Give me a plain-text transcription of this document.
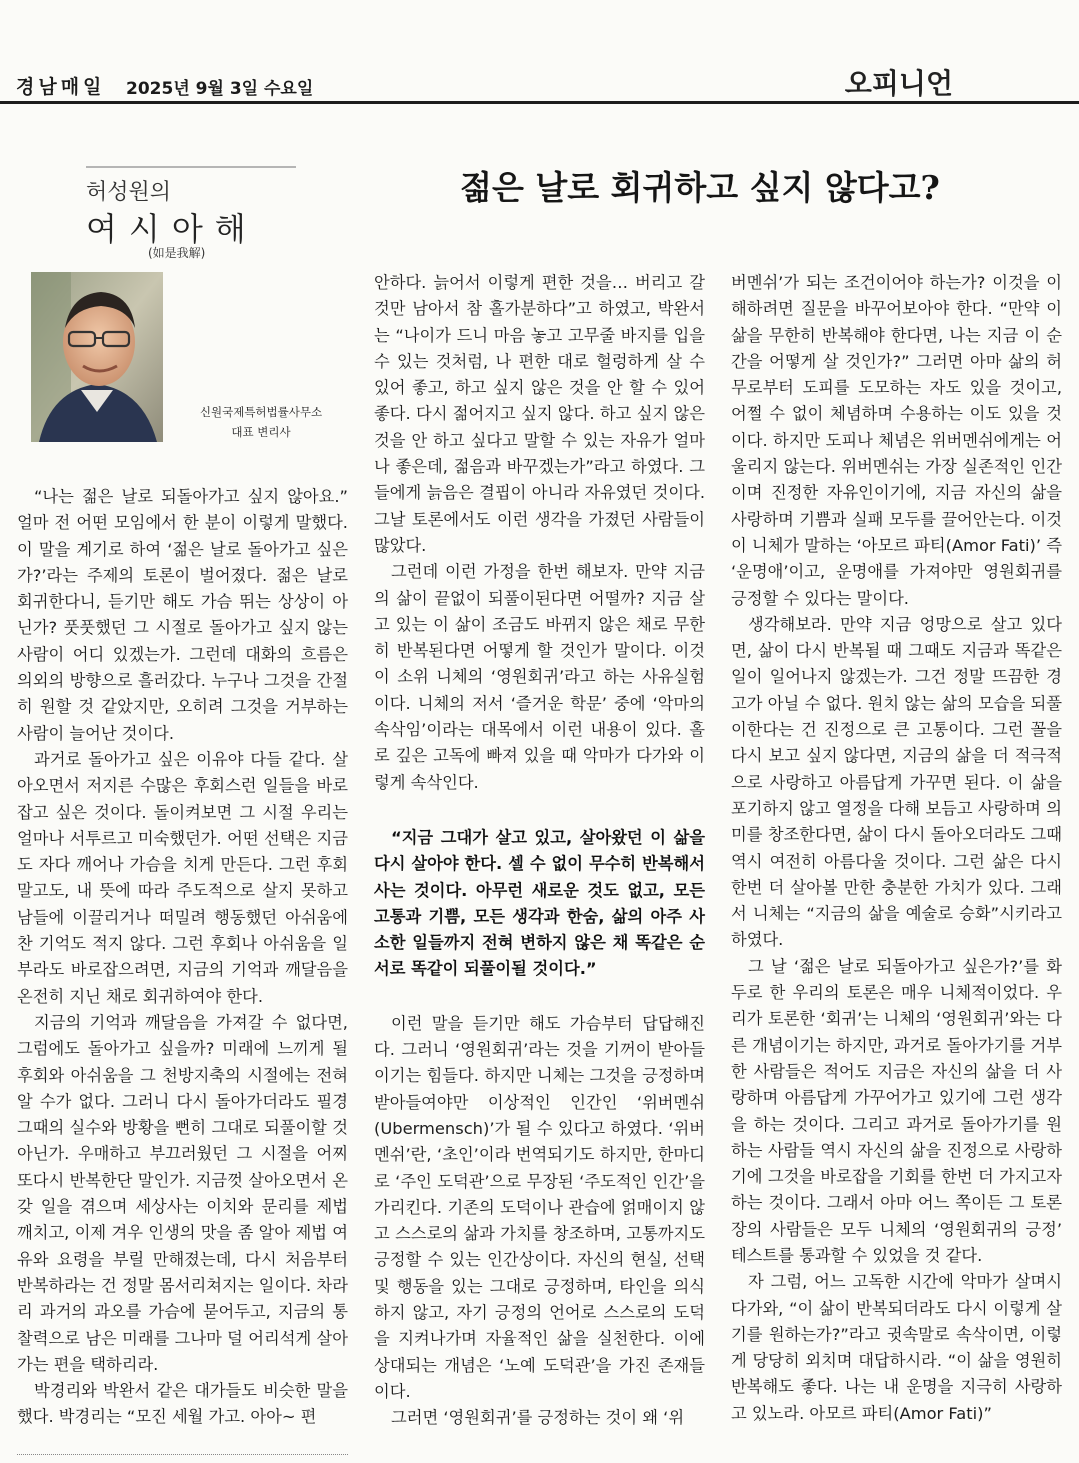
경남매일 2025년 9월 3일 수요일	오피니언
허성원의
여시아해
(如是我解)
젊은 날로 회귀하고 싶지 않다고?
신원국제특허법률사무소
대표 변리사

“나는 젊은 날로 되돌아가고 싶지 않아요.” 얼마 전 어떤 모임에서 한 분이 이렇게 말했다. 이 말을 계기로 하여 ‘젊은 날로 돌아가고 싶은가?’라는 주제의 토론이 벌어졌다. 젊은 날로 회귀한다니, 듣기만 해도 가슴 뛰는 상상이 아닌가? 풋풋했던 그 시절로 돌아가고 싶지 않는 사람이 어디 있겠는가. 그런데 대화의 흐름은 의외의 방향으로 흘러갔다. 누구나 그것을 간절히 원할 것 같았지만, 오히려 그것을 거부하는 사람이 늘어난 것이다.

과거로 돌아가고 싶은 이유야 다들 같다. 살아오면서 저지른 수많은 후회스런 일들을 바로잡고 싶은 것이다. 돌이켜보면 그 시절 우리는 얼마나 서투르고 미숙했던가. 어떤 선택은 지금도 자다 깨어나 가슴을 치게 만든다. 그런 후회 말고도, 내 뜻에 따라 주도적으로 살지 못하고 남들에 이끌리거나 떠밀려 행동했던 아쉬움에 찬 기억도 적지 않다. 그런 후회나 아쉬움을 일부라도 바로잡으려면, 지금의 기억과 깨달음을 온전히 지닌 채로 회귀하여야 한다.

지금의 기억과 깨달음을 가져갈 수 없다면, 그럼에도 돌아가고 싶을까? 미래에 느끼게 될 후회와 아쉬움을 그 천방지축의 시절에는 전혀 알 수가 없다. 그러니 다시 돌아가더라도 필경 그때의 실수와 방황을 뻔히 그대로 되풀이할 것 아닌가. 우매하고 부끄러웠던 그 시절을 어찌 또다시 반복한단 말인가. 지금껏 살아오면서 온갖 일을 겪으며 세상사는 이치와 문리를 제법 깨치고, 이제 겨우 인생의 맛을 좀 알아 제법 여유와 요령을 부릴 만해졌는데, 다시 처음부터 반복하라는 건 정말 몸서리쳐지는 일이다. 차라리 과거의 과오를 가슴에 묻어두고, 지금의 통찰력으로 남은 미래를 그나마 덜 어리석게 살아가는 편을 택하리라.

박경리와 박완서 같은 대가들도 비슷한 말을 했다. 박경리는 “모진 세월 가고. 아아~ 편

안하다. 늙어서 이렇게 편한 것을… 버리고 갈 것만 남아서 참 홀가분하다”고 하였고, 박완서는 “나이가 드니 마음 놓고 고무줄 바지를 입을 수 있는 것처럼, 나 편한 대로 헐렁하게 살 수 있어 좋고, 하고 싶지 않은 것을 안 할 수 있어 좋다. 다시 젊어지고 싶지 않다. 하고 싶지 않은 것을 안 하고 싶다고 말할 수 있는 자유가 얼마나 좋은데, 젊음과 바꾸겠는가”라고 하였다. 그들에게 늙음은 결핍이 아니라 자유였던 것이다. 그날 토론에서도 이런 생각을 가졌던 사람들이 많았다.

그런데 이런 가정을 한번 해보자. 만약 지금의 삶이 끝없이 되풀이된다면 어떨까? 지금 살고 있는 이 삶이 조금도 바뀌지 않은 채로 무한히 반복된다면 어떻게 할 것인가 말이다. 이것이 소위 니체의 ‘영원회귀’라고 하는 사유실험이다. 니체의 저서 ‘즐거운 학문’ 중에 ‘악마의 속삭임’이라는 대목에서 이런 내용이 있다. 홀로 깊은 고독에 빠져 있을 때 악마가 다가와 이렇게 속삭인다.

“지금 그대가 살고 있고, 살아왔던 이 삶을 다시 살아야 한다. 셀 수 없이 무수히 반복해서 사는 것이다. 아무런 새로운 것도 없고, 모든 고통과 기쁨, 모든 생각과 한숨, 삶의 아주 사소한 일들까지 전혀 변하지 않은 채 똑같은 순서로 똑같이 되풀이될 것이다.”

이런 말을 듣기만 해도 가슴부터 답답해진다. 그러니 ‘영원회귀’라는 것을 기꺼이 받아들이기는 힘들다. 하지만 니체는 그것을 긍정하며 받아들여야만 이상적인 인간인 ‘위버멘쉬(Ubermensch)’가 될 수 있다고 하였다. ‘위버멘쉬’란, ‘초인’이라 번역되기도 하지만, 한마디로 ‘주인 도덕관’으로 무장된 ‘주도적인 인간’을 가리킨다. 기존의 도덕이나 관습에 얽매이지 않고 스스로의 삶과 가치를 창조하며, 고통까지도 긍정할 수 있는 인간상이다. 자신의 현실, 선택 및 행동을 있는 그대로 긍정하며, 타인을 의식하지 않고, 자기 긍정의 언어로 스스로의 도덕을 지켜나가며 자율적인 삶을 실천한다. 이에 상대되는 개념은 ‘노예 도덕관’을 가진 존재들이다.

그러면 ‘영원회귀’를 긍정하는 것이 왜 ‘위

버멘쉬’가 되는 조건이어야 하는가? 이것을 이해하려면 질문을 바꾸어보아야 한다. “만약 이 삶을 무한히 반복해야 한다면, 나는 지금 이 순간을 어떻게 살 것인가?” 그러면 아마 삶의 허무로부터 도피를 도모하는 자도 있을 것이고, 어쩔 수 없이 체념하며 수용하는 이도 있을 것이다. 하지만 도피나 체념은 위버멘쉬에게는 어울리지 않는다. 위버멘쉬는 가장 실존적인 인간이며 진정한 자유인이기에, 지금 자신의 삶을 사랑하며 기쁨과 실패 모두를 끌어안는다. 이것이 니체가 말하는 ‘아모르 파티(Amor Fati)’ 즉 ‘운명애’이고, 운명애를 가져야만 영원회귀를 긍정할 수 있다는 말이다.

생각해보라. 만약 지금 엉망으로 살고 있다면, 삶이 다시 반복될 때 그때도 지금과 똑같은 일이 일어나지 않겠는가. 그건 정말 뜨끔한 경고가 아닐 수 없다. 원치 않는 삶의 모습을 되풀이한다는 건 진정으로 큰 고통이다. 그런 꼴을 다시 보고 싶지 않다면, 지금의 삶을 더 적극적으로 사랑하고 아름답게 가꾸면 된다. 이 삶을 포기하지 않고 열정을 다해 보듬고 사랑하며 의미를 창조한다면, 삶이 다시 돌아오더라도 그때 역시 여전히 아름다울 것이다. 그런 삶은 다시 한번 더 살아볼 만한 충분한 가치가 있다. 그래서 니체는 “지금의 삶을 예술로 승화”시키라고 하였다.

그 날 ‘젊은 날로 되돌아가고 싶은가?’를 화두로 한 우리의 토론은 매우 니체적이었다. 우리가 토론한 ‘회귀’는 니체의 ‘영원회귀’와는 다른 개념이기는 하지만, 과거로 돌아가기를 거부한 사람들은 적어도 지금은 자신의 삶을 더 사랑하며 아름답게 가꾸어가고 있기에 그런 생각을 하는 것이다. 그리고 과거로 돌아가기를 원하는 사람들 역시 자신의 삶을 진정으로 사랑하기에 그것을 바로잡을 기회를 한번 더 가지고자 하는 것이다. 그래서 아마 어느 쪽이든 그 토론장의 사람들은 모두 니체의 ‘영원회귀의 긍정’ 테스트를 통과할 수 있었을 것 같다.

자 그럼, 어느 고독한 시간에 악마가 살며시 다가와, “이 삶이 반복되더라도 다시 이렇게 살기를 원하는가?”라고 귓속말로 속삭이면, 이렇게 당당히 외치며 대답하시라. “이 삶을 영원히 반복해도 좋다. 나는 내 운명을 지극히 사랑하고 있노라. 아모르 파티(Amor Fati)”
